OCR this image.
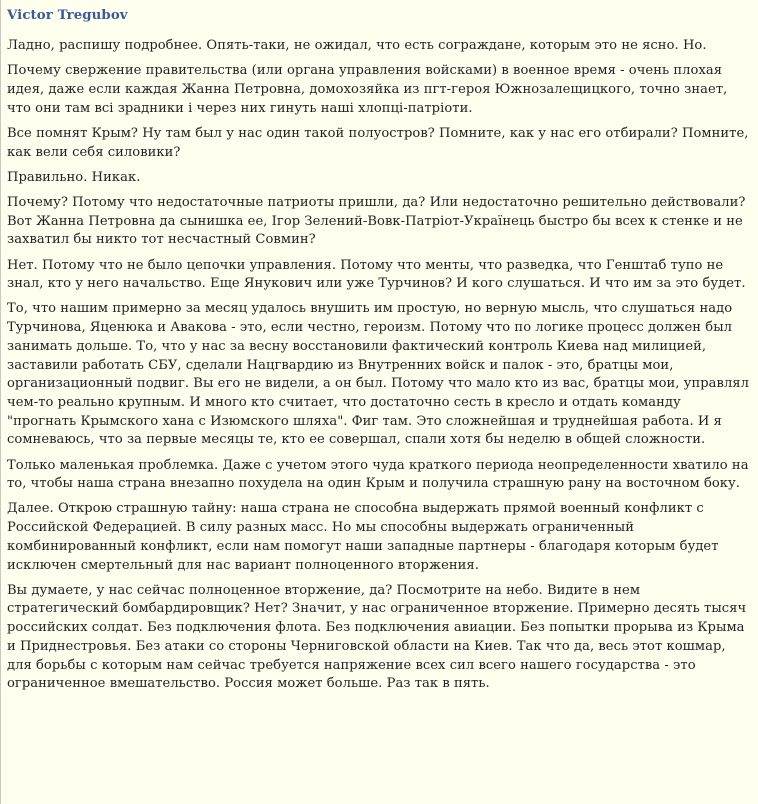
Victor Tregubov

Ладно, распишу подробнее. Опять-таки, не ожидал, что есть сограждане, которым это не ясно. Но.

Почему свержение правительства (или органа управления войсками) в военное время - очень плохая идея, даже если каждая Жанна Петровна, домохозяйка из пгт-героя Южнозалещицкого, точно знает, что они там всі зрадники і через них гинуть наші хлопці-патріоти.

Все помнят Крым? Ну там был у нас один такой полуостров? Помните, как у нас его отбирали? Помните, как вели себя силовики?

Правильно. Никак.

Почему? Потому что недостаточные патриоты пришли, да? Или недостаточно решительно действовали? Вот Жанна Петровна да сынишка ее, Ігор Зелений-Вовк-Патріот-Українець быстро бы всех к стенке и не захватил бы никто тот несчастный Совмин?

Нет. Потому что не было цепочки управления. Потому что менты, что разведка, что Генштаб тупо не знал, кто у него начальство. Еще Янукович или уже Турчинов? И кого слушаться. И что им за это будет.

То, что нашим примерно за месяц удалось внушить им простую, но верную мысль, что слушаться надо Турчинова, Яценюка и Авакова - это, если честно, героизм. Потому что по логике процесс должен был занимать дольше. То, что у нас за весну восстановили фактический контроль Киева над милицией, заставили работать СБУ, сделали Нацгвардию из Внутренних войск и палок - это, братцы мои, организационный подвиг. Вы его не видели, а он был. Потому что мало кто из вас, братцы мои, управлял чем-то реально крупным. И много кто считает, что достаточно сесть в кресло и отдать команду "прогнать Крымского хана с Изюмского шляха". Фиг там. Это сложнейшая и труднейшая работа. И я сомневаюсь, что за первые месяцы те, кто ее совершал, спали хотя бы неделю в общей сложности.

Только маленькая проблемка. Даже с учетом этого чуда краткого периода неопределенности хватило на то, чтобы наша страна внезапно похудела на один Крым и получила страшную рану на восточном боку.

Далее. Открою страшную тайну: наша страна не способна выдержать прямой военный конфликт с Российской Федерацией. В силу разных масс. Но мы способны выдержать ограниченный комбинированный конфликт, если нам помогут наши западные партнеры - благодаря которым будет исключен смертельный для нас вариант полноценного вторжения.

Вы думаете, у нас сейчас полноценное вторжение, да? Посмотрите на небо. Видите в нем стратегический бомбардировщик? Нет? Значит, у нас ограниченное вторжение. Примерно десять тысяч российских солдат. Без подключения флота. Без подключения авиации. Без попытки прорыва из Крыма и Приднестровья. Без атаки со стороны Черниговской области на Киев. Так что да, весь этот кошмар, для борьбы с которым нам сейчас требуется напряжение всех сил всего нашего государства - это ограниченное вмешательство. Россия может больше. Раз так в пять.
